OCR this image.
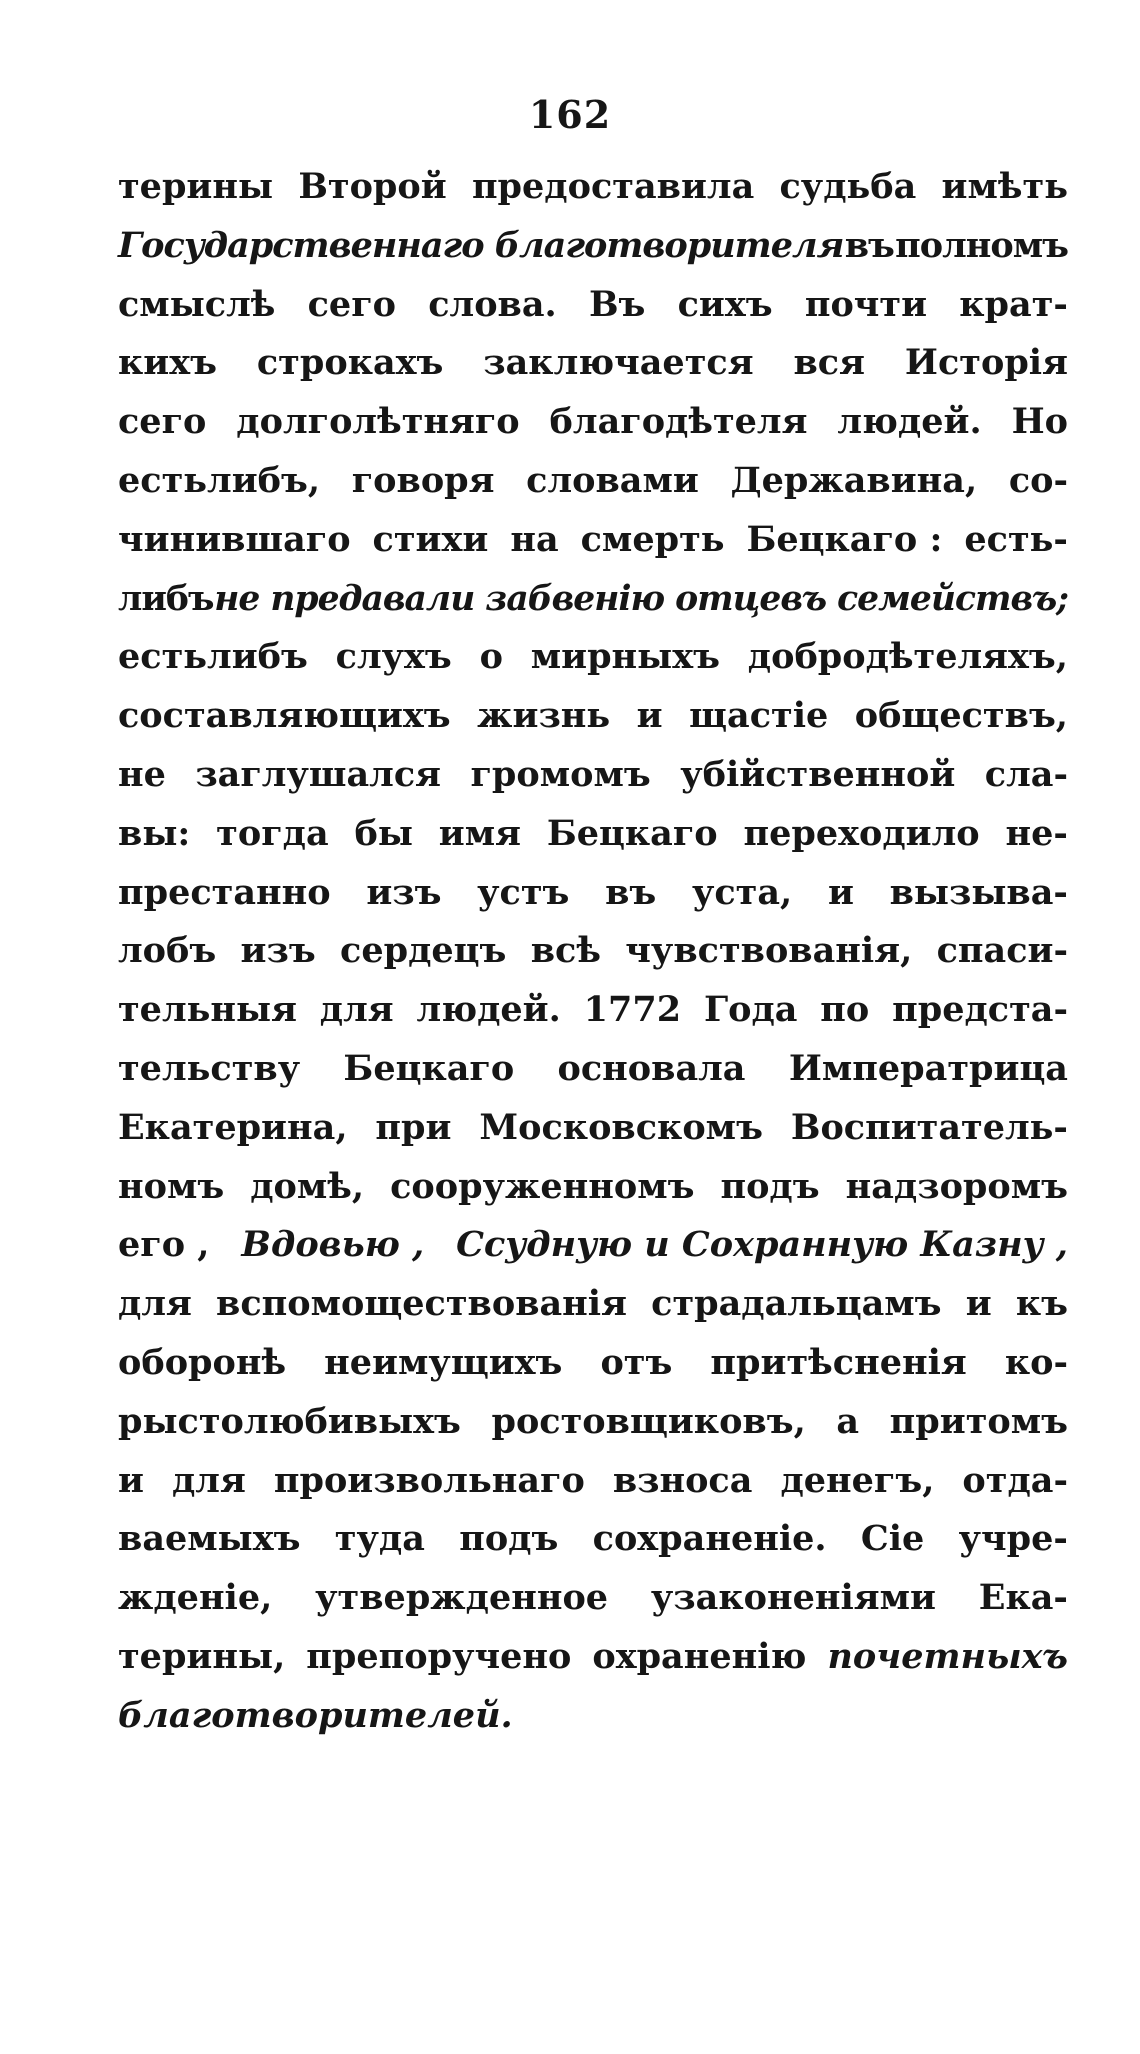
162
терины Второй предоставила судьба имѣть
Государственнаго благотворителя въ полномъ
смыслѣ сего слова. Въ сихъ почти крат-
кихъ строкахъ заключается вся Исторія
сего долголѣтняго благодѣтеля людей. Но
естьлибъ, говоря словами Державина, со-
чинившаго стихи на смерть Бецкаго : есть-
либъ не предавали забвенію отцевъ семействъ;
естьлибъ слухъ о мирныхъ добродѣтеляхъ,
составляющихъ жизнь и щастіе обществъ,
не заглушался громомъ убійственной сла-
вы: тогда бы имя Бецкаго переходило не-
престанно изъ устъ въ уста, и вызыва-
лобъ изъ сердецъ всѣ чувствованія, спаси-
тельныя для людей. 1772 Года по предста-
тельству Бецкаго основала Императрица
Екатерина, при Московскомъ Воспитатель-
номъ домѣ, сооруженномъ подъ надзоромъ
его , Вдовью , Ссудную и Сохранную Казну ,
для вспомоществованія страдальцамъ и къ
оборонѣ неимущихъ отъ притѣсненія ко-
рыстолюбивыхъ ростовщиковъ, а притомъ
и для произвольнаго взноса денегъ, отда-
ваемыхъ туда подъ сохраненіе. Сіе учре-
жденіе, утвержденное узаконеніями Ека-
терины, препоручено охраненію почетныхъ
благотворителей.
